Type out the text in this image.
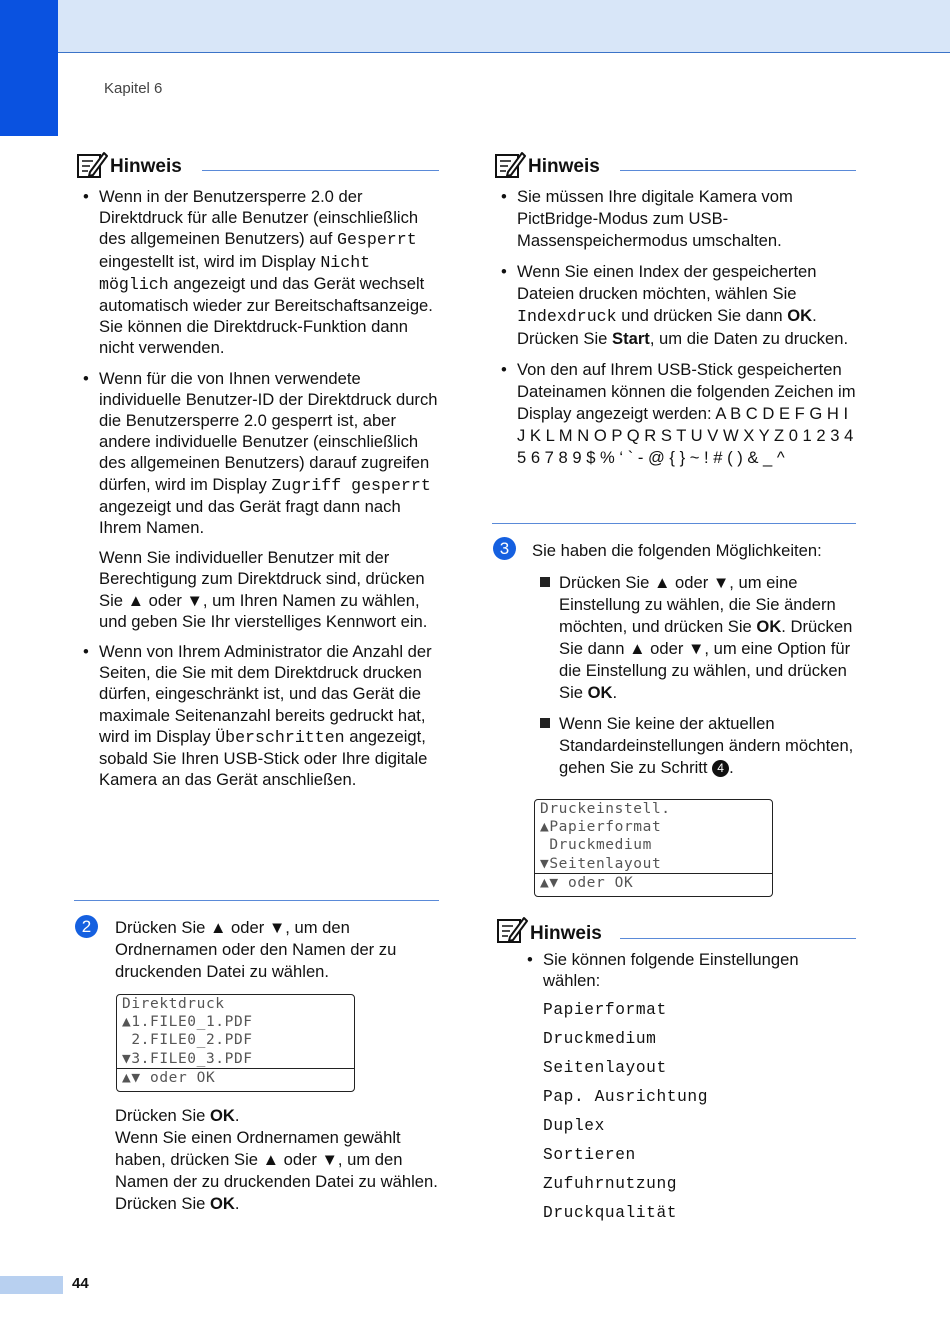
Kapitel 6
44
Hinweis
• Wenn in der Benutzersperre 2.0 der Direktdruck für alle Benutzer (einschließlich des allgemeinen Benutzers) auf Gesperrt eingestellt ist, wird im Display Nicht möglich angezeigt und das Gerät wechselt automatisch wieder zur Bereitschaftsanzeige. Sie können die Direktdruck-Funktion dann nicht verwenden.
• Wenn für die von Ihnen verwendete individuelle Benutzer-ID der Direktdruck durch die Benutzersperre 2.0 gesperrt ist, aber andere individuelle Benutzer (einschließlich des allgemeinen Benutzers) darauf zugreifen dürfen, wird im Display Zugriff gesperrt angezeigt und das Gerät fragt dann nach Ihrem Namen.

Wenn Sie individueller Benutzer mit der Berechtigung zum Direktdruck sind, drücken Sie ▲ oder ▼, um Ihren Namen zu wählen, und geben Sie Ihr vierstelliges Kennwort ein.

• Wenn von Ihrem Administrator die Anzahl der Seiten, die Sie mit dem Direktdruck drucken dürfen, eingeschränkt ist, und das Gerät die maximale Seitenanzahl bereits gedruckt hat, wird im Display Überschritten angezeigt, sobald Sie Ihren USB-Stick oder Ihre digitale Kamera an das Gerät anschließen.
2	Drücken Sie ▲ oder ▼, um den Ordnernamen oder den Namen der zu druckenden Datei zu wählen.
Direktdruck
▲1.FILE0_1.PDF
2.FILE0_2.PDF
▼3.FILE0_3.PDF
▲▼ oder OK
Drücken Sie OK.
Wenn Sie einen Ordnernamen gewählt haben, drücken Sie ▲ oder ▼, um den Namen der zu druckenden Datei zu wählen.
Drücken Sie OK.
Hinweis
• Sie müssen Ihre digitale Kamera vom PictBridge-Modus zum USB-Massenspeichermodus umschalten.
• Wenn Sie einen Index der gespeicherten Dateien drucken möchten, wählen Sie Indexdruck und drücken Sie dann OK. Drücken Sie Start, um die Daten zu drucken.
• Von den auf Ihrem USB-Stick gespeicherten Dateinamen können die folgenden Zeichen im Display angezeigt werden: A B C D E F G H I J K L M N O P Q R S T U V W X Y Z 0 1 2 3 4 5 6 7 8 9 $ % ‘ ` - @ { } ~ ! # ( ) & _ ^
3	Sie haben die folgenden Möglichkeiten:
Drücken Sie ▲ oder ▼, um eine Einstellung zu wählen, die Sie ändern möchten, und drücken Sie OK. Drücken Sie dann ▲ oder ▼, um eine Option für die Einstellung zu wählen, und drücken Sie OK.
Wenn Sie keine der aktuellen Standardeinstellungen ändern möchten, gehen Sie zu Schritt 4 .
Druckeinstell.
▲Papierformat
Druckmedium
▼Seitenlayout
▲▼ oder OK
Hinweis
• Sie können folgende Einstellungen wählen:
Papierformat
Druckmedium
Seitenlayout
Pap. Ausrichtung
Duplex
Sortieren
Zufuhrnutzung
Druckqualität
